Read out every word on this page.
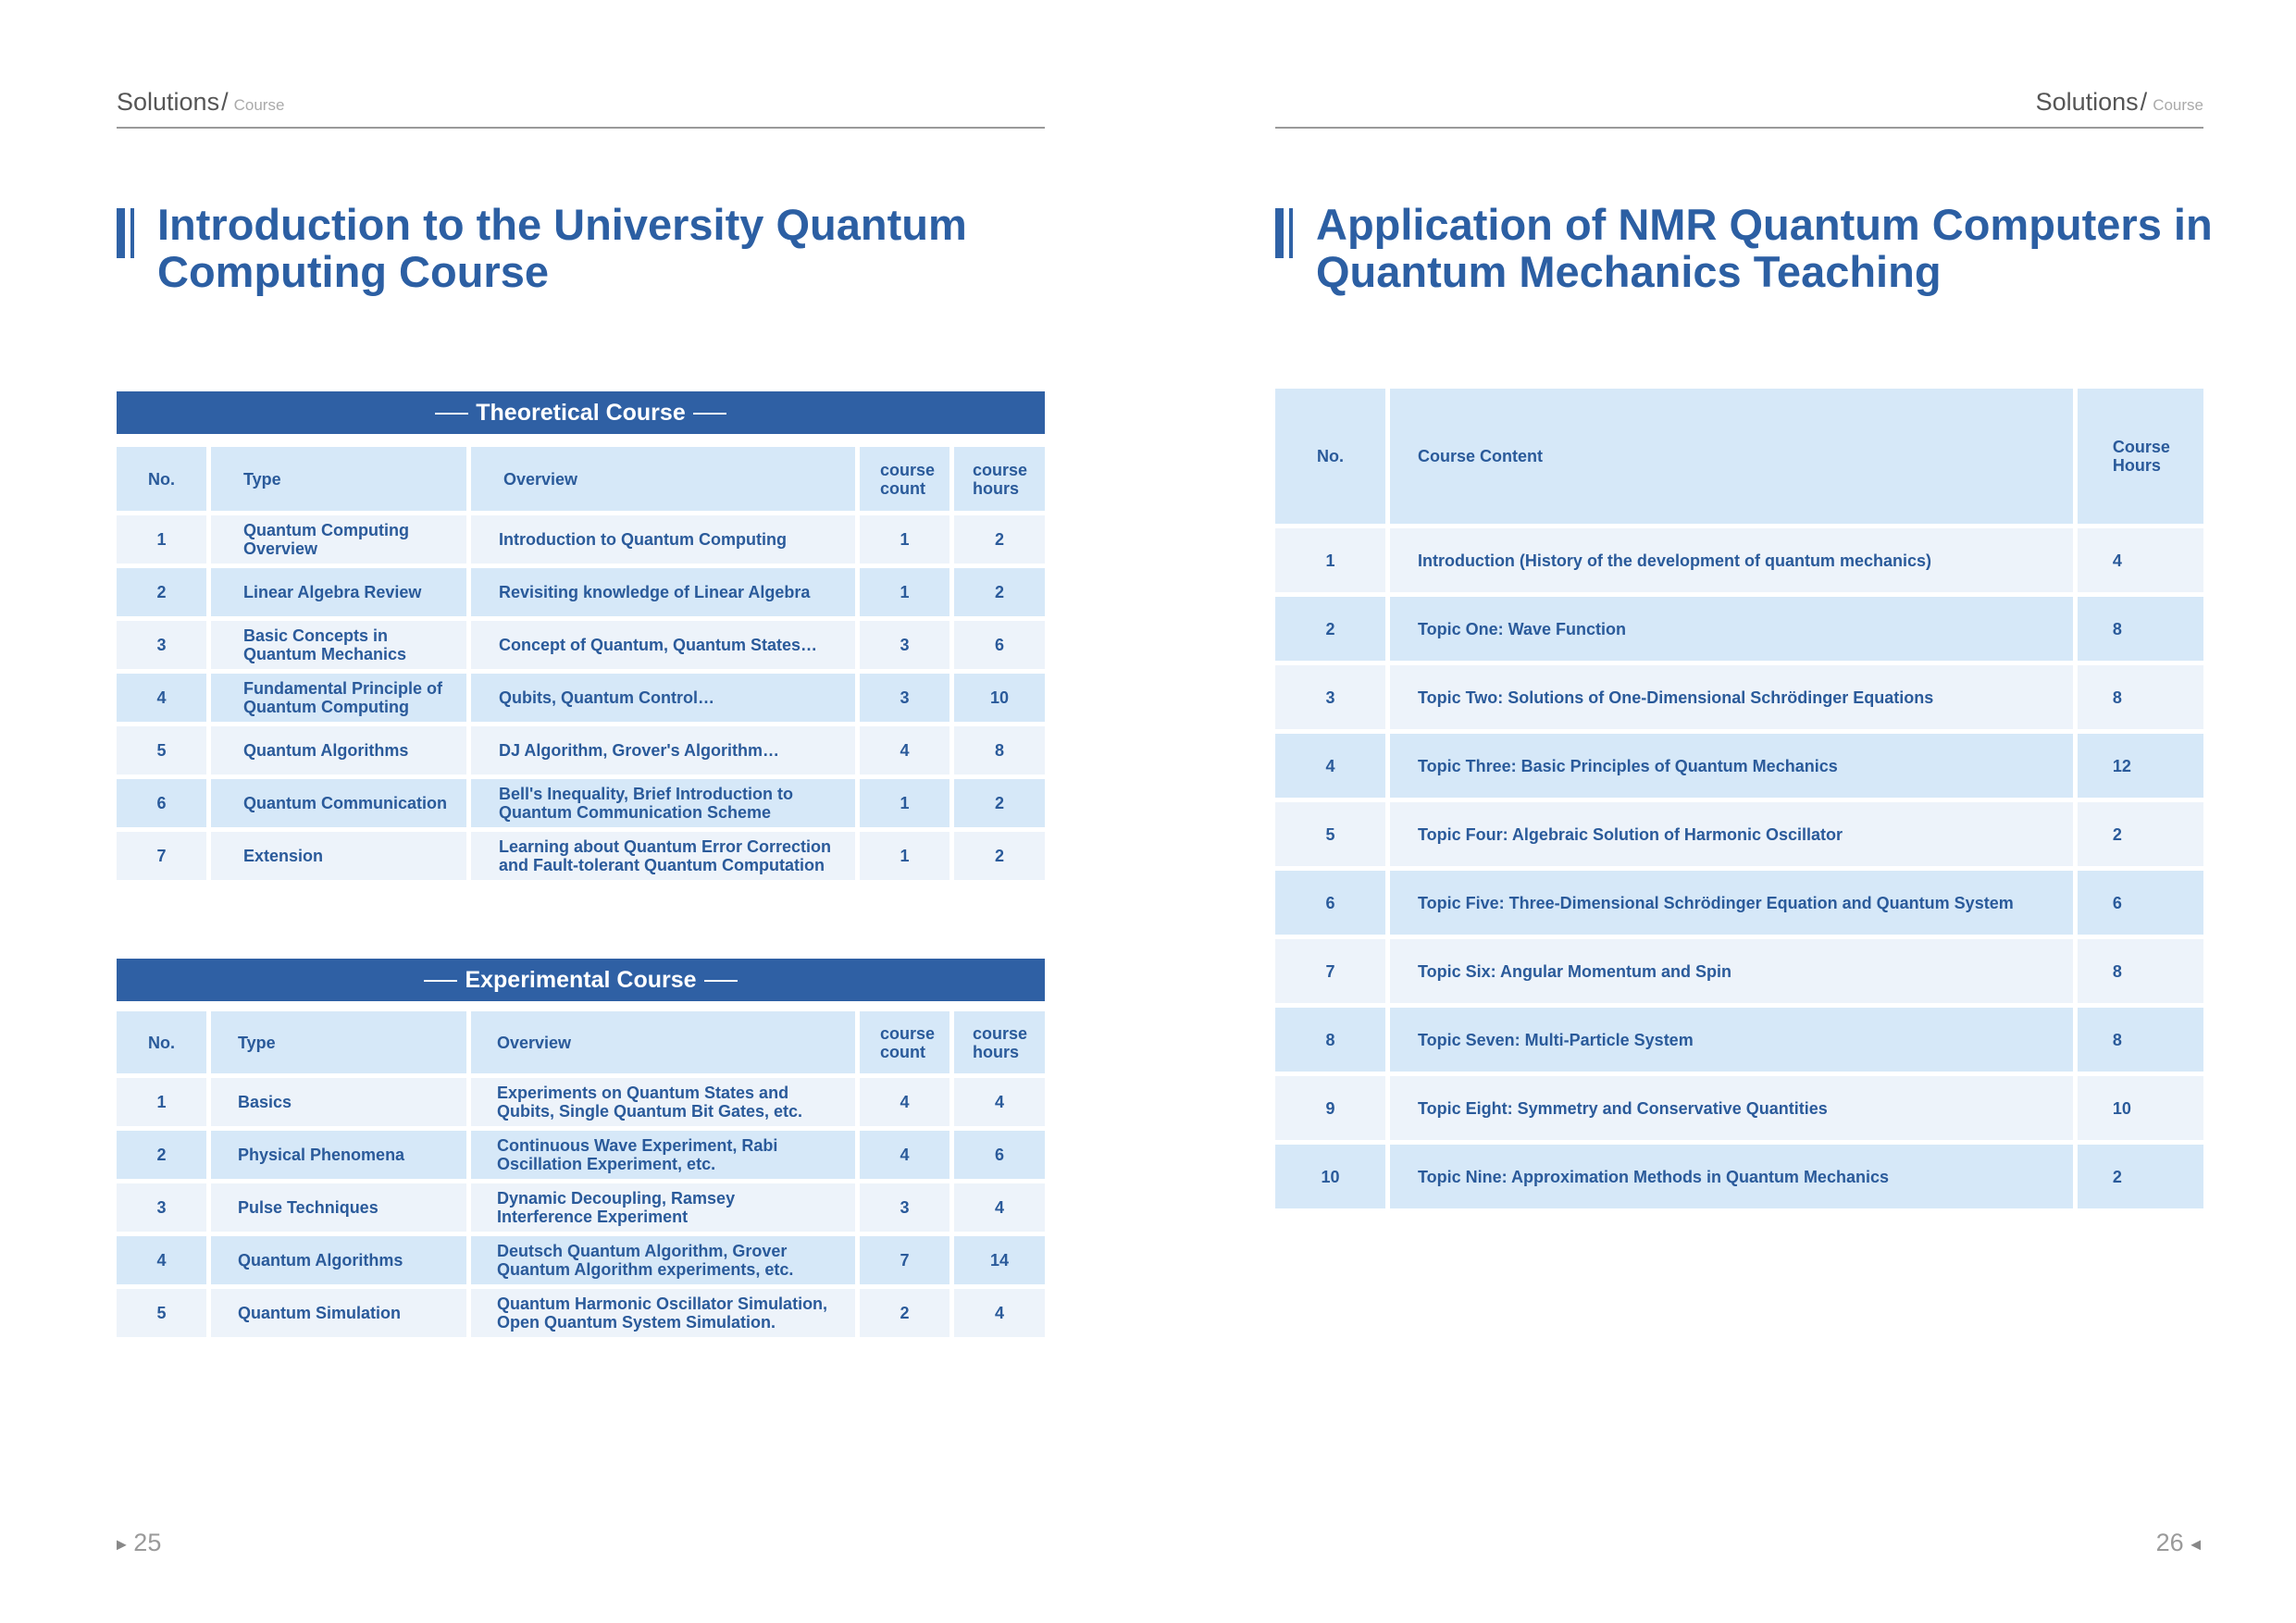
Solutions/ Course
Introduction to the University Quantum Computing Course
Theoretical Course
No.	Type	Overview	course count	course hours
1	Quantum Computing Overview	Introduction to Quantum Computing	1	2
2	Linear Algebra Review	Revisiting knowledge of Linear Algebra	1	2
3	Basic Concepts in Quantum Mechanics	Concept of Quantum, Quantum States…	3	6
4	Fundamental Principle of Quantum Computing	Qubits, Quantum Control…	3	10
5	Quantum Algorithms	DJ Algorithm, Grover's Algorithm…	4	8
6	Quantum Communication	Bell's Inequality, Brief Introduction to Quantum Communication Scheme	1	2
7	Extension	Learning about Quantum Error Correction and Fault-tolerant Quantum Computation	1	2
Experimental Course
No.	Type	Overview	course count	course hours
1	Basics	Experiments on Quantum States and Qubits, Single Quantum Bit Gates, etc.	4	4
2	Physical Phenomena	Continuous Wave Experiment, Rabi Oscillation Experiment, etc.	4	6
3	Pulse Techniques	Dynamic Decoupling, Ramsey Interference Experiment	3	4
4	Quantum Algorithms	Deutsch Quantum Algorithm, Grover Quantum Algorithm experiments, etc.	7	14
5	Quantum Simulation	Quantum Harmonic Oscillator Simulation, Open Quantum System Simulation.	2	4
▶ 25
Solutions/ Course
Application of NMR Quantum Computers in Quantum Mechanics Teaching
No.	Course Content	Course Hours
1	Introduction (History of the development of quantum mechanics)	4
2	Topic One: Wave Function	8
3	Topic Two: Solutions of One-Dimensional Schrödinger Equations	8
4	Topic Three: Basic Principles of Quantum Mechanics	12
5	Topic Four: Algebraic Solution of Harmonic Oscillator	2
6	Topic Five: Three-Dimensional Schrödinger Equation and Quantum System	6
7	Topic Six: Angular Momentum and Spin	8
8	Topic Seven: Multi-Particle System	8
9	Topic Eight: Symmetry and Conservative Quantities	10
10	Topic Nine: Approximation Methods in Quantum Mechanics	2
26 ◀
